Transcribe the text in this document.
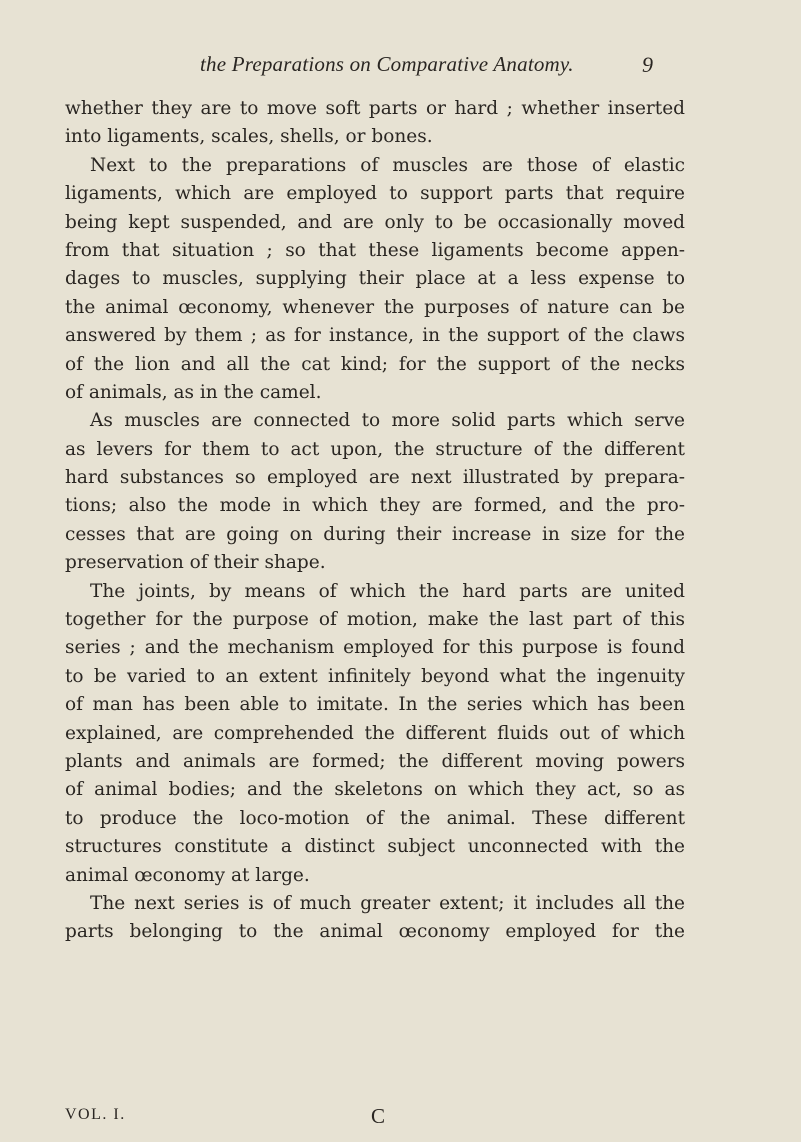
the Preparations on Comparative Anatomy.	9
whether they are to move soft parts or hard ; whether inserted
into ligaments, scales, shells, or bones.
Next to the preparations of muscles are those of elastic
ligaments, which are employed to support parts that require
being kept suspended, and are only to be occasionally moved
from that situation ; so that these ligaments become appen-
dages to muscles, supplying their place at a less expense to
the animal œconomy, whenever the purposes of nature can be
answered by them ; as for instance, in the support of the claws
of the lion and all the cat kind; for the support of the necks
of animals, as in the camel.
As muscles are connected to more solid parts which serve
as levers for them to act upon, the structure of the different
hard substances so employed are next illustrated by prepara-
tions; also the mode in which they are formed, and the pro-
cesses that are going on during their increase in size for the
preservation of their shape.
The joints, by means of which the hard parts are united
together for the purpose of motion, make the last part of this
series ; and the mechanism employed for this purpose is found
to be varied to an extent infinitely beyond what the ingenuity
of man has been able to imitate. In the series which has been
explained, are comprehended the different fluids out of which
plants and animals are formed; the different moving powers
of animal bodies; and the skeletons on which they act, so as
to produce the loco-motion of the animal. These different
structures constitute a distinct subject unconnected with the
animal œconomy at large.
The next series is of much greater extent; it includes all the
parts belonging to the animal œconomy employed for the
VOL. I.	C
